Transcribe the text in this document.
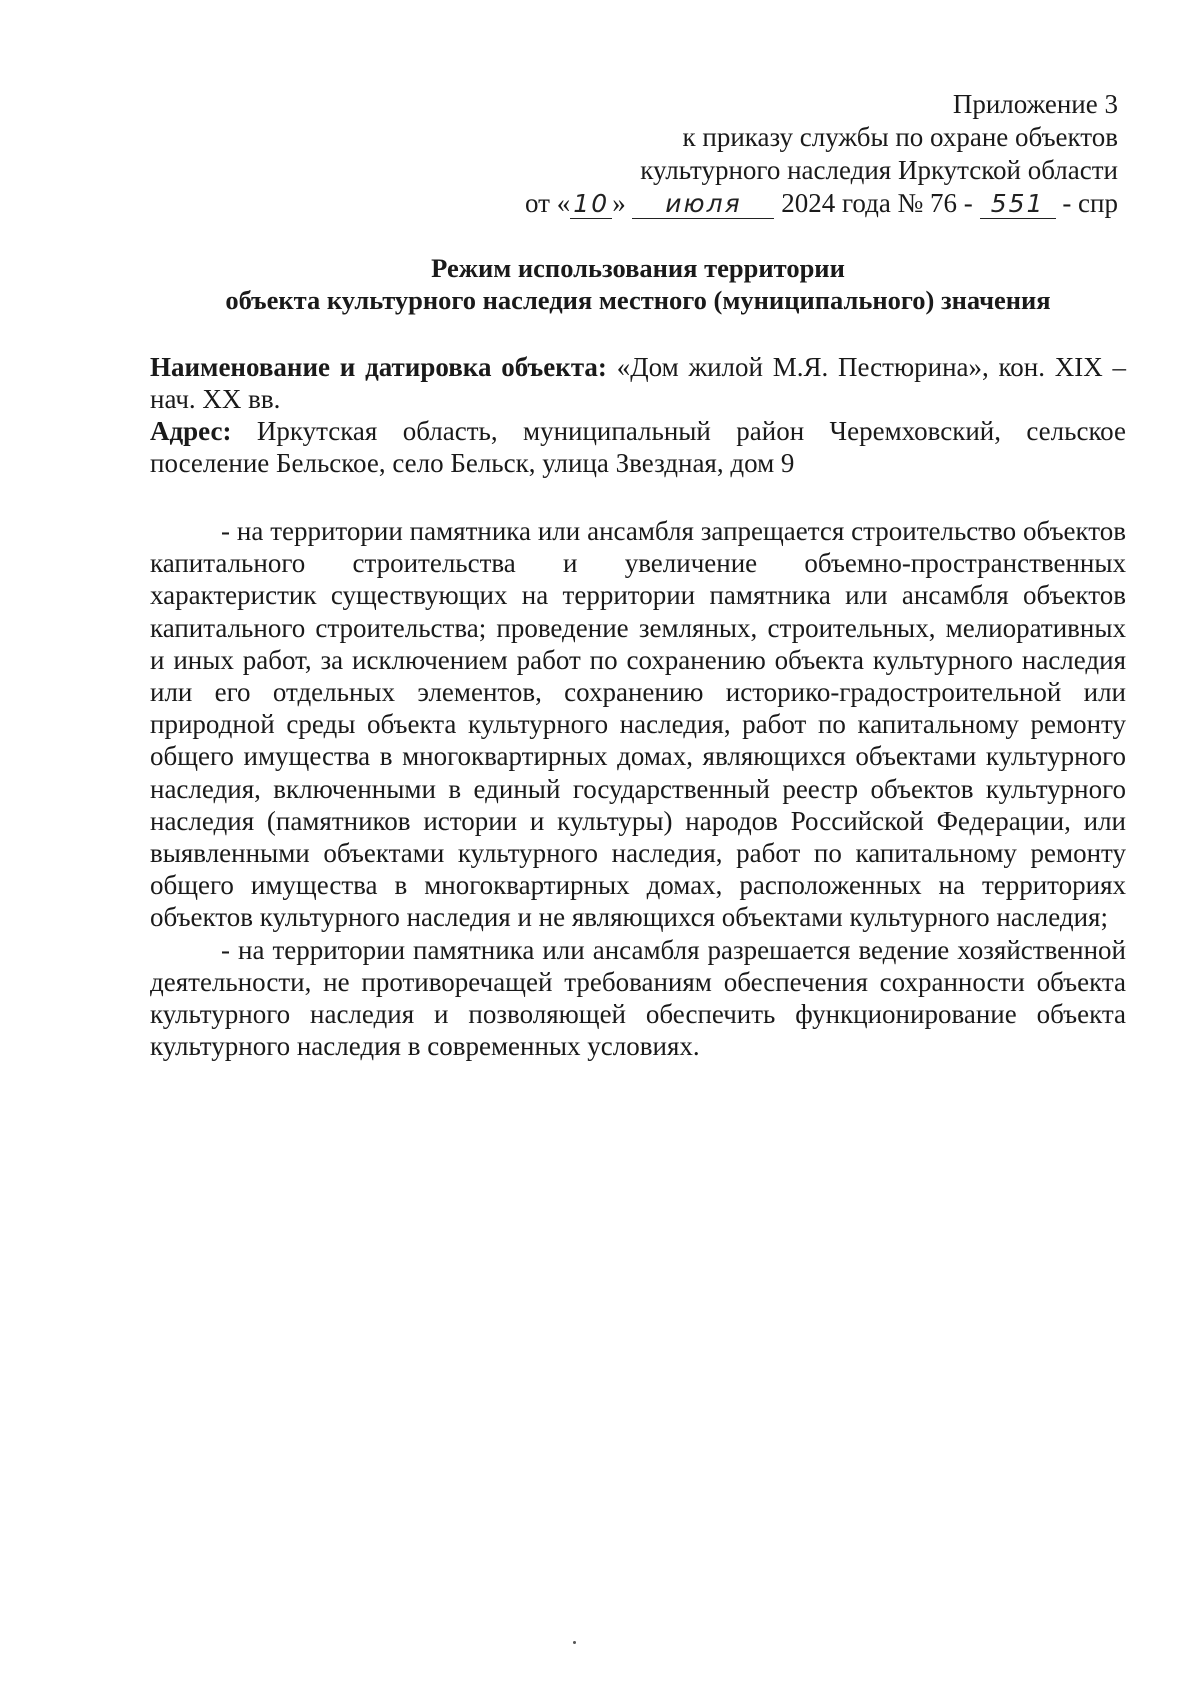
Приложение 3
к приказу службы по охране объектов
культурного наследия Иркутской области
от « 10 » июля 2024 года № 76 - 551 - спр
Режим использования территории
объекта культурного наследия местного (муниципального) значения

Наименование и датировка объекта: «Дом жилой М.Я. Пестюрина», кон. XIX – нач. XX вв.

Адрес: Иркутская область, муниципальный район Черемховский, сельское поселение Бельское, село Бельск, улица Звездная, дом 9

- на территории памятника или ансамбля запрещается строительство объектов капитального строительства и увеличение объемно-пространственных характеристик существующих на территории памятника или ансамбля объектов капитального строительства; проведение земляных, строительных, мелиоративных и иных работ, за исключением работ по сохранению объекта культурного наследия или его отдельных элементов, сохранению историко-градостроительной или природной среды объекта культурного наследия, работ по капитальному ремонту общего имущества в многоквартирных домах, являющихся объектами культурного наследия, включенными в единый государственный реестр объектов культурного наследия (памятников истории и культуры) народов Российской Федерации, или выявленными объектами культурного наследия, работ по капитальному ремонту общего имущества в многоквартирных домах, расположенных на территориях объектов культурного наследия и не являющихся объектами культурного наследия;

- на территории памятника или ансамбля разрешается ведение хозяйственной деятельности, не противоречащей требованиям обеспечения сохранности объекта культурного наследия и позволяющей обеспечить функционирование объекта культурного наследия в современных условиях.
